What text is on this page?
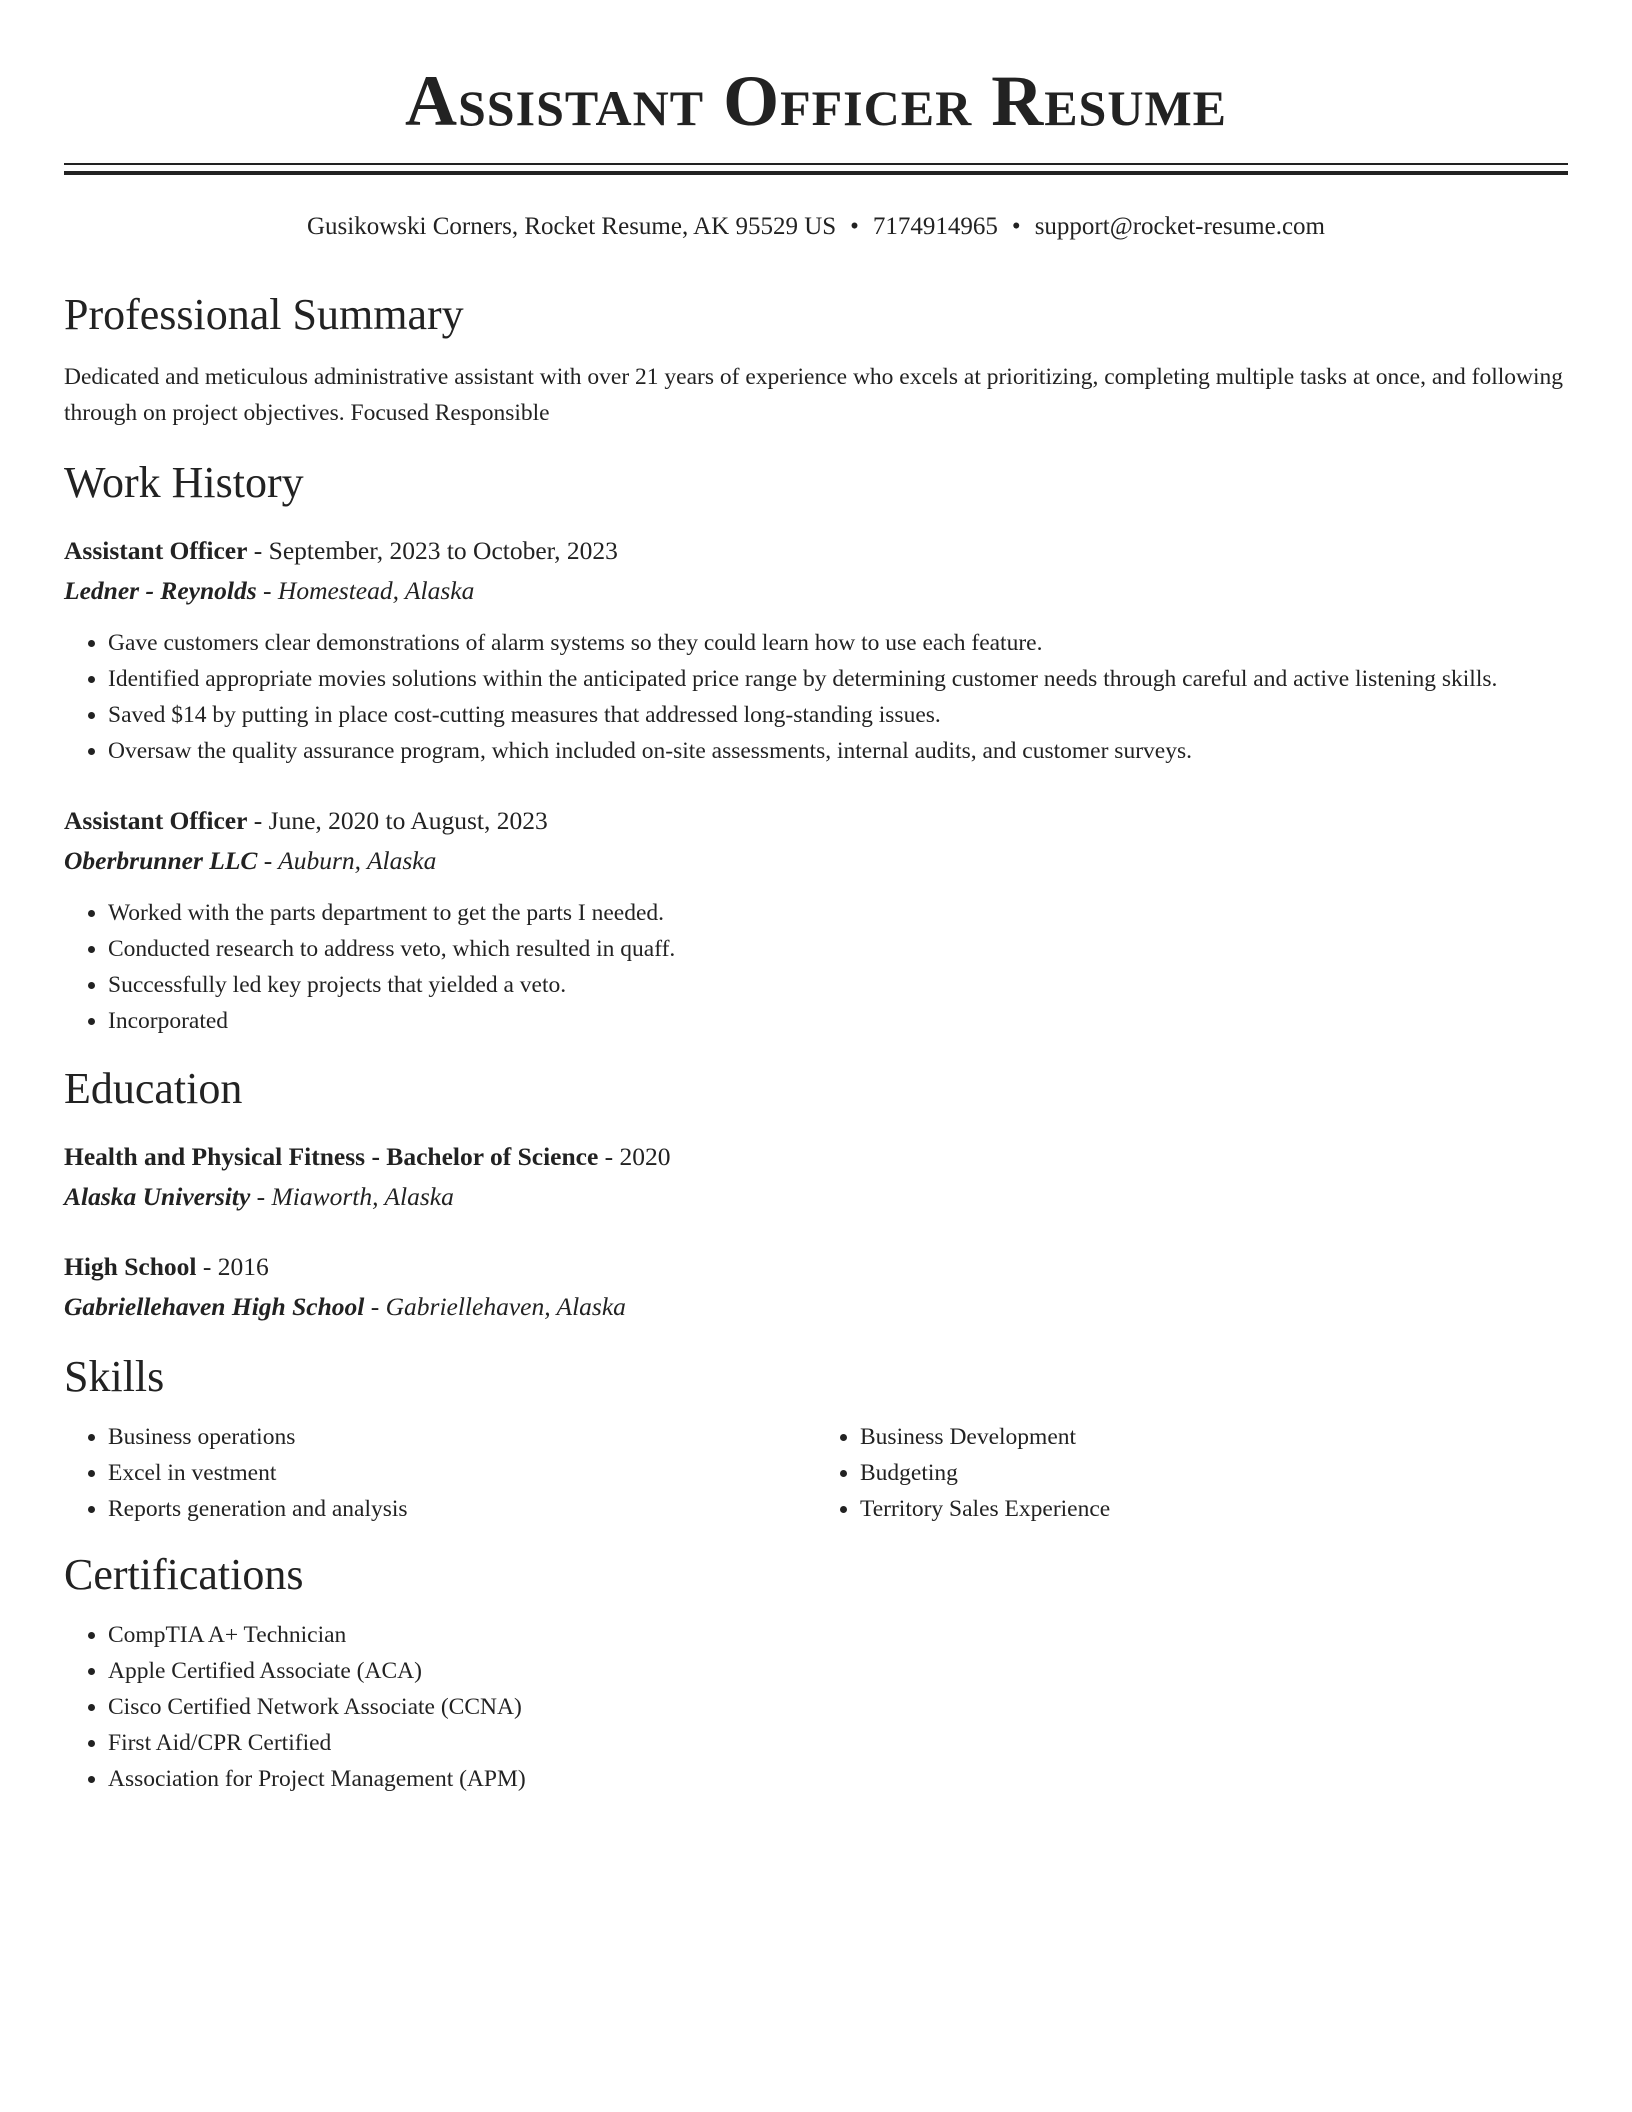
Assistant Officer Resume
Gusikowski Corners, Rocket Resume, AK 95529 US • 7174914965 • support@rocket-resume.com
Professional Summary
Dedicated and meticulous administrative assistant with over 21 years of experience who excels at prioritizing, completing multiple tasks at once, and following through on project objectives. Focused Responsible
Work History
Assistant Officer - September, 2023 to October, 2023
Ledner - Reynolds - Homestead, Alaska
• Gave customers clear demonstrations of alarm systems so they could learn how to use each feature.
• Identified appropriate movies solutions within the anticipated price range by determining customer needs through careful and active listening skills.
• Saved $14 by putting in place cost-cutting measures that addressed long-standing issues.
• Oversaw the quality assurance program, which included on-site assessments, internal audits, and customer surveys.
Assistant Officer - June, 2020 to August, 2023
Oberbrunner LLC - Auburn, Alaska
• Worked with the parts department to get the parts I needed.
• Conducted research to address veto, which resulted in quaff.
• Successfully led key projects that yielded a veto.
• Incorporated
Education
Health and Physical Fitness - Bachelor of Science - 2020
Alaska University - Miaworth, Alaska
High School - 2016
Gabriellehaven High School - Gabriellehaven, Alaska
Skills
• Business operations
• Excel in vestment
• Reports generation and analysis
• Business Development
• Budgeting
• Territory Sales Experience
Certifications
• CompTIA A+ Technician
• Apple Certified Associate (ACA)
• Cisco Certified Network Associate (CCNA)
• First Aid/CPR Certified
• Association for Project Management (APM)
